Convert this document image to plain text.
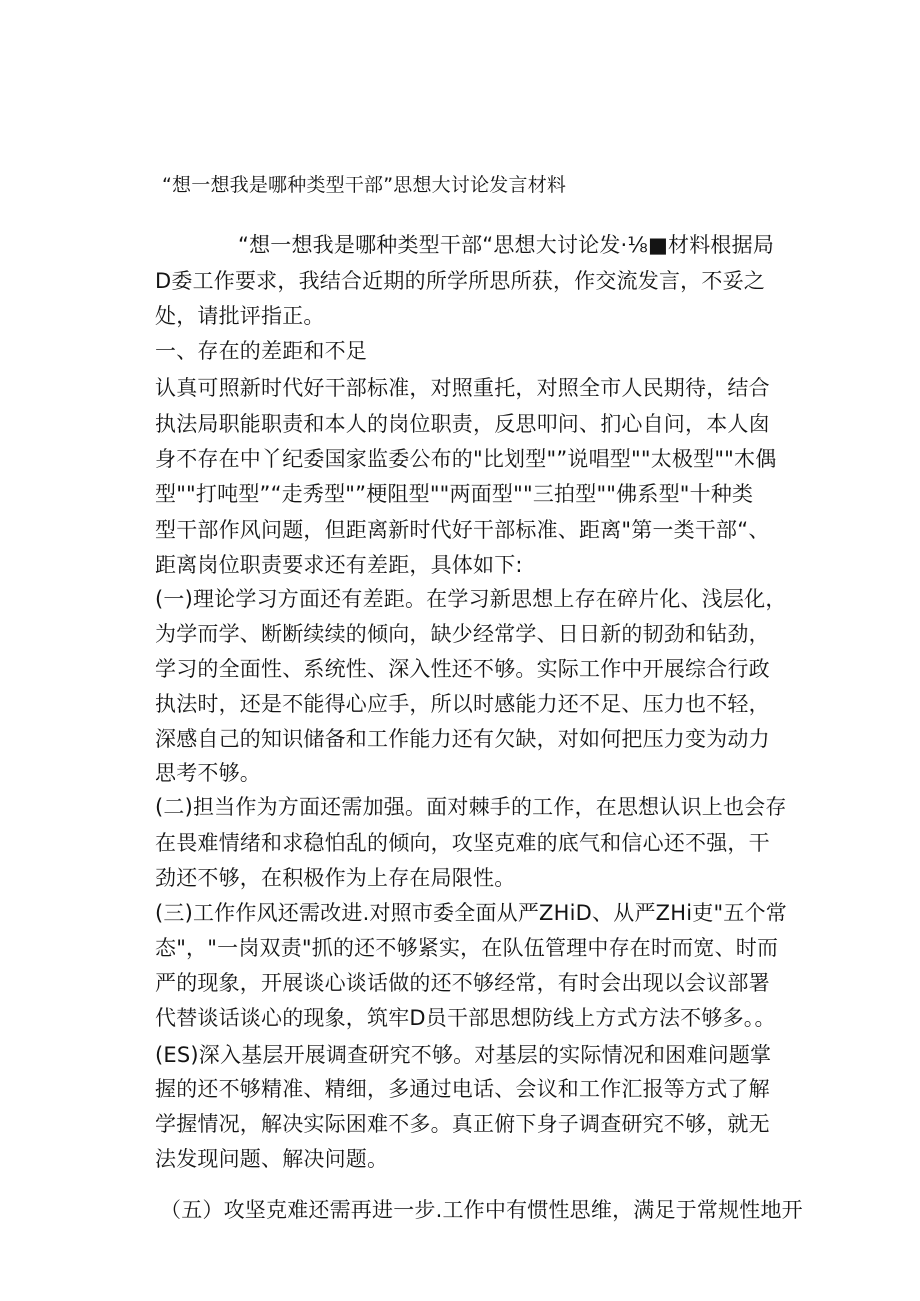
“想一想我是哪种类型干部”思想大讨论发言材料
“想一想我是哪种类型干部“思想大讨论发·⅛■材料根据局
D委工作要求，我结合近期的所学所思所获，作交流发言，不妥之
处，请批评指正。
一、存在的差距和不足
认真可照新时代好干部标准，对照重托，对照全市人民期待，结合
执法局职能职责和本人的岗位职责，反思叩问、扪心自问，本人囱
身不存在中丫纪委国家监委公布的"比划型"”说唱型""太极型""木偶
型""打吨型”“走秀型"”梗阻型""两面型""三拍型""佛系型"十种类
型干部作风问题，但距离新时代好干部标准、距离"第一类干部“、
距离岗位职责要求还有差距，具体如下:
(一)理论学习方面还有差距。在学习新思想上存在碎片化、浅层化，
为学而学、断断续续的倾向，缺少经常学、日日新的韧劲和钻劲，
学习的全面性、系统性、深入性还不够。实际工作中开展综合行政
执法时，还是不能得心应手，所以时感能力还不足、压力也不轻，
深感自己的知识储备和工作能力还有欠缺，对如何把压力变为动力
思考不够。
(二)担当作为方面还需加强。面对棘手的工作，在思想认识上也会存
在畏难情绪和求稳怕乱的倾向，攻坚克难的底气和信心还不强，干
劲还不够，在积极作为上存在局限性。
(三)工作作风还需改进.对照市委全面从严ZHiD、从严ZHi吏"五个常
态"，"一岗双责"抓的还不够紧实，在队伍管理中存在时而宽、时而
严的现象，开展谈心谈话做的还不够经常，有时会出现以会议部署
代替谈话谈心的现象，筑牢D员干部思想防线上方式方法不够多。。
(ES)深入基层开展调查研究不够。对基层的实际情况和困难问题掌
握的还不够精准、精细，多通过电话、会议和工作汇报等方式了解
学握情况，解决实际困难不多。真正俯下身子调查研究不够，就无
法发现问题、解决问题。
（五）攻坚克难还需再进一步.工作中有惯性思维，满足于常规性地开
